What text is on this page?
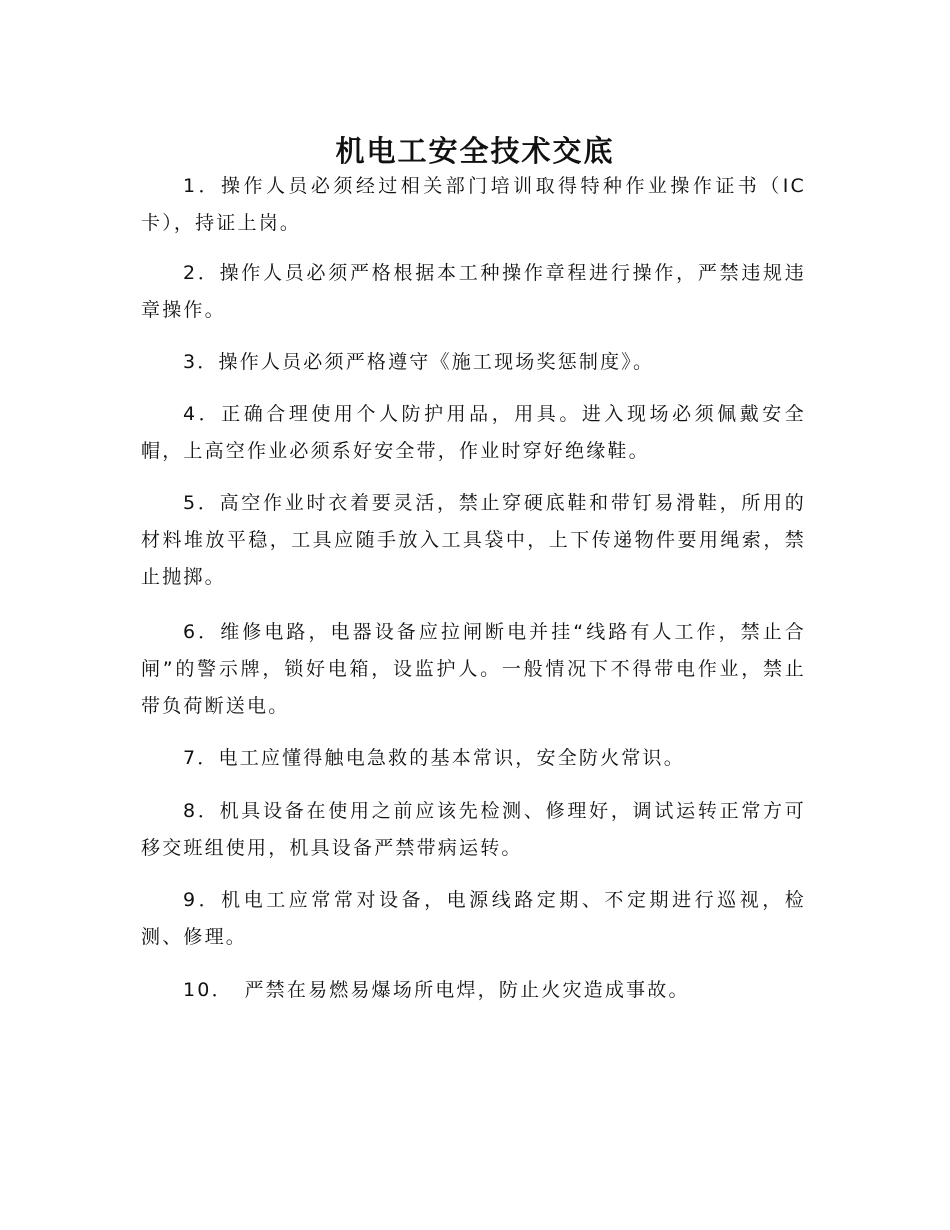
机电工安全技术交底

1．操作人员必须经过相关部门培训取得特种作业操作证书（IC卡），持证上岗。

2．操作人员必须严格根据本工种操作章程进行操作，严禁违规违章操作。

3．操作人员必须严格遵守《施工现场奖惩制度》。

4．正确合理使用个人防护用品，用具。进入现场必须佩戴安全帽，上高空作业必须系好安全带，作业时穿好绝缘鞋。

5．高空作业时衣着要灵活，禁止穿硬底鞋和带钉易滑鞋，所用的材料堆放平稳，工具应随手放入工具袋中，上下传递物件要用绳索，禁止抛掷。

6．维修电路，电器设备应拉闸断电并挂“线路有人工作，禁止合闸”的警示牌，锁好电箱，设监护人。一般情况下不得带电作业，禁止带负荷断送电。

7．电工应懂得触电急救的基本常识，安全防火常识。

8．机具设备在使用之前应该先检测、修理好，调试运转正常方可移交班组使用，机具设备严禁带病运转。

9．机电工应常常对设备，电源线路定期、不定期进行巡视，检测、修理。

10．　严禁在易燃易爆场所电焊，防止火灾造成事故。
